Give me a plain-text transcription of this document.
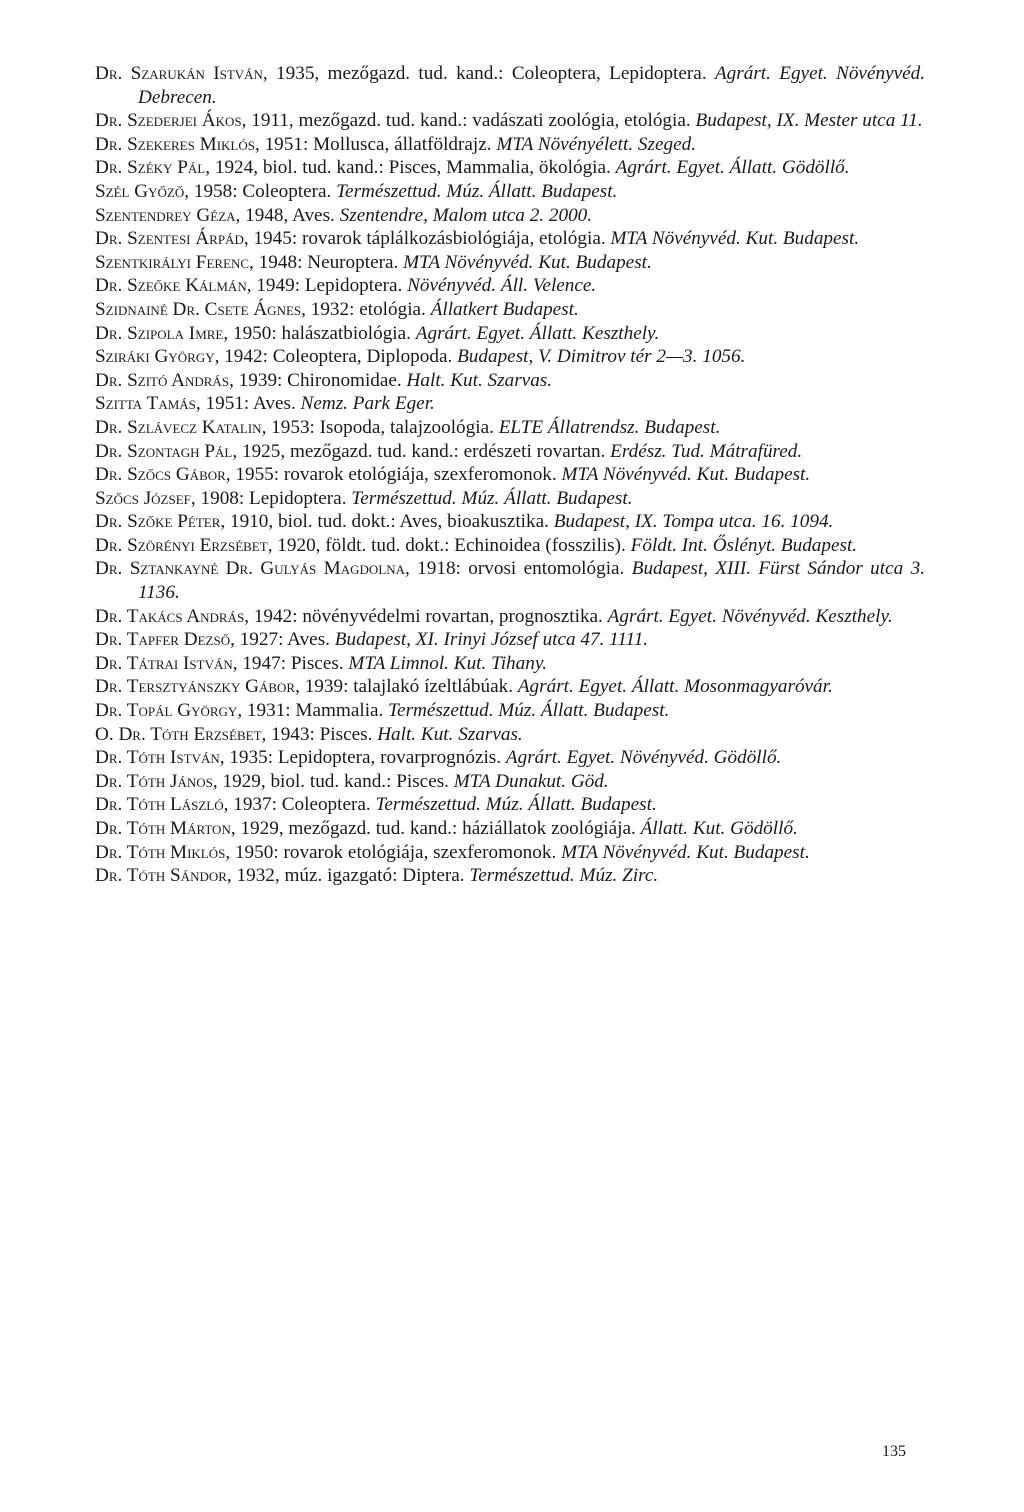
Dr. Szarukán István, 1935, mezőgazd. tud. kand.: Coleoptera, Lepidoptera. Agrárt. Egyet. Növényvéd. Debrecen.
Dr. Szederjei Ákos, 1911, mezőgazd. tud. kand.: vadászati zoológia, etológia. Budapest, IX. Mester utca 11.
Dr. Szekeres Miklós, 1951: Mollusca, állatföldrajz. MTA Növényélett. Szeged.
Dr. Széky Pál, 1924, biol. tud. kand.: Pisces, Mammalia, ökológia. Agrárt. Egyet. Állatt. Gödöllő.
Szél Győző, 1958: Coleoptera. Természettud. Múz. Állatt. Budapest.
Szentendrey Géza, 1948, Aves. Szentendre, Malom utca 2. 2000.
Dr. Szentesi Árpád, 1945: rovarok táplálkozásbiológiája, etológia. MTA Növényvéd. Kut. Budapest.
Szentkirályi Ferenc, 1948: Neuroptera. MTA Növényvéd. Kut. Budapest.
Dr. Szeőke Kálmán, 1949: Lepidoptera. Növényvéd. Áll. Velence.
Szidnainé Dr. Csete Ágnes, 1932: etológia. Állatkert Budapest.
Dr. Szipola Imre, 1950: halászatbiológia. Agrárt. Egyet. Állatt. Keszthely.
Sziráki György, 1942: Coleoptera, Diplopoda. Budapest, V. Dimitrov tér 2—3. 1056.
Dr. Szitó András, 1939: Chironomidae. Halt. Kut. Szarvas.
Szitta Tamás, 1951: Aves. Nemz. Park Eger.
Dr. Szlávecz Katalin, 1953: Isopoda, talajzoológia. ELTE Állatrendsz. Budapest.
Dr. Szontagh Pál, 1925, mezőgazd. tud. kand.: erdészeti rovartan. Erdész. Tud. Mátrafüred.
Dr. Szőcs Gábor, 1955: rovarok etológiája, szexferomonok. MTA Növényvéd. Kut. Budapest.
Szőcs József, 1908: Lepidoptera. Természettud. Múz. Állatt. Budapest.
Dr. Szőke Péter, 1910, biol. tud. dokt.: Aves, bioakusztika. Budapest, IX. Tompa utca. 16. 1094.
Dr. Szörényi Erzsébet, 1920, földt. tud. dokt.: Echinoidea (fosszilis). Földt. Int. Őslényt. Budapest.
Dr. Sztankayné Dr. Gulyás Magdolna, 1918: orvosi entomológia. Budapest, XIII. Fürst Sándor utca 3. 1136.
Dr. Takács András, 1942: növényvédelmi rovartan, prognosztika. Agrárt. Egyet. Növényvéd. Keszthely.
Dr. Tapfer Dezső, 1927: Aves. Budapest, XI. Irinyi József utca 47. 1111.
Dr. Tátrai István, 1947: Pisces. MTA Limnol. Kut. Tihany.
Dr. Tersztyánszky Gábor, 1939: talajlakó ízeltlábúak. Agrárt. Egyet. Állatt. Mosonmagyaróvár.
Dr. Topál György, 1931: Mammalia. Természettud. Múz. Állatt. Budapest.
O. Dr. Tóth Erzsébet, 1943: Pisces. Halt. Kut. Szarvas.
Dr. Tóth István, 1935: Lepidoptera, rovarprognózis. Agrárt. Egyet. Növényvéd. Gödöllő.
Dr. Tóth János, 1929, biol. tud. kand.: Pisces. MTA Dunakut. Göd.
Dr. Tóth László, 1937: Coleoptera. Természettud. Múz. Állatt. Budapest.
Dr. Tóth Márton, 1929, mezőgazd. tud. kand.: háziállatok zoológiája. Állatt. Kut. Gödöllő.
Dr. Tóth Miklós, 1950: rovarok etológiája, szexferomonok. MTA Növényvéd. Kut. Budapest.
Dr. Tóth Sándor, 1932, múz. igazgató: Diptera. Természettud. Múz. Zirc.
135
